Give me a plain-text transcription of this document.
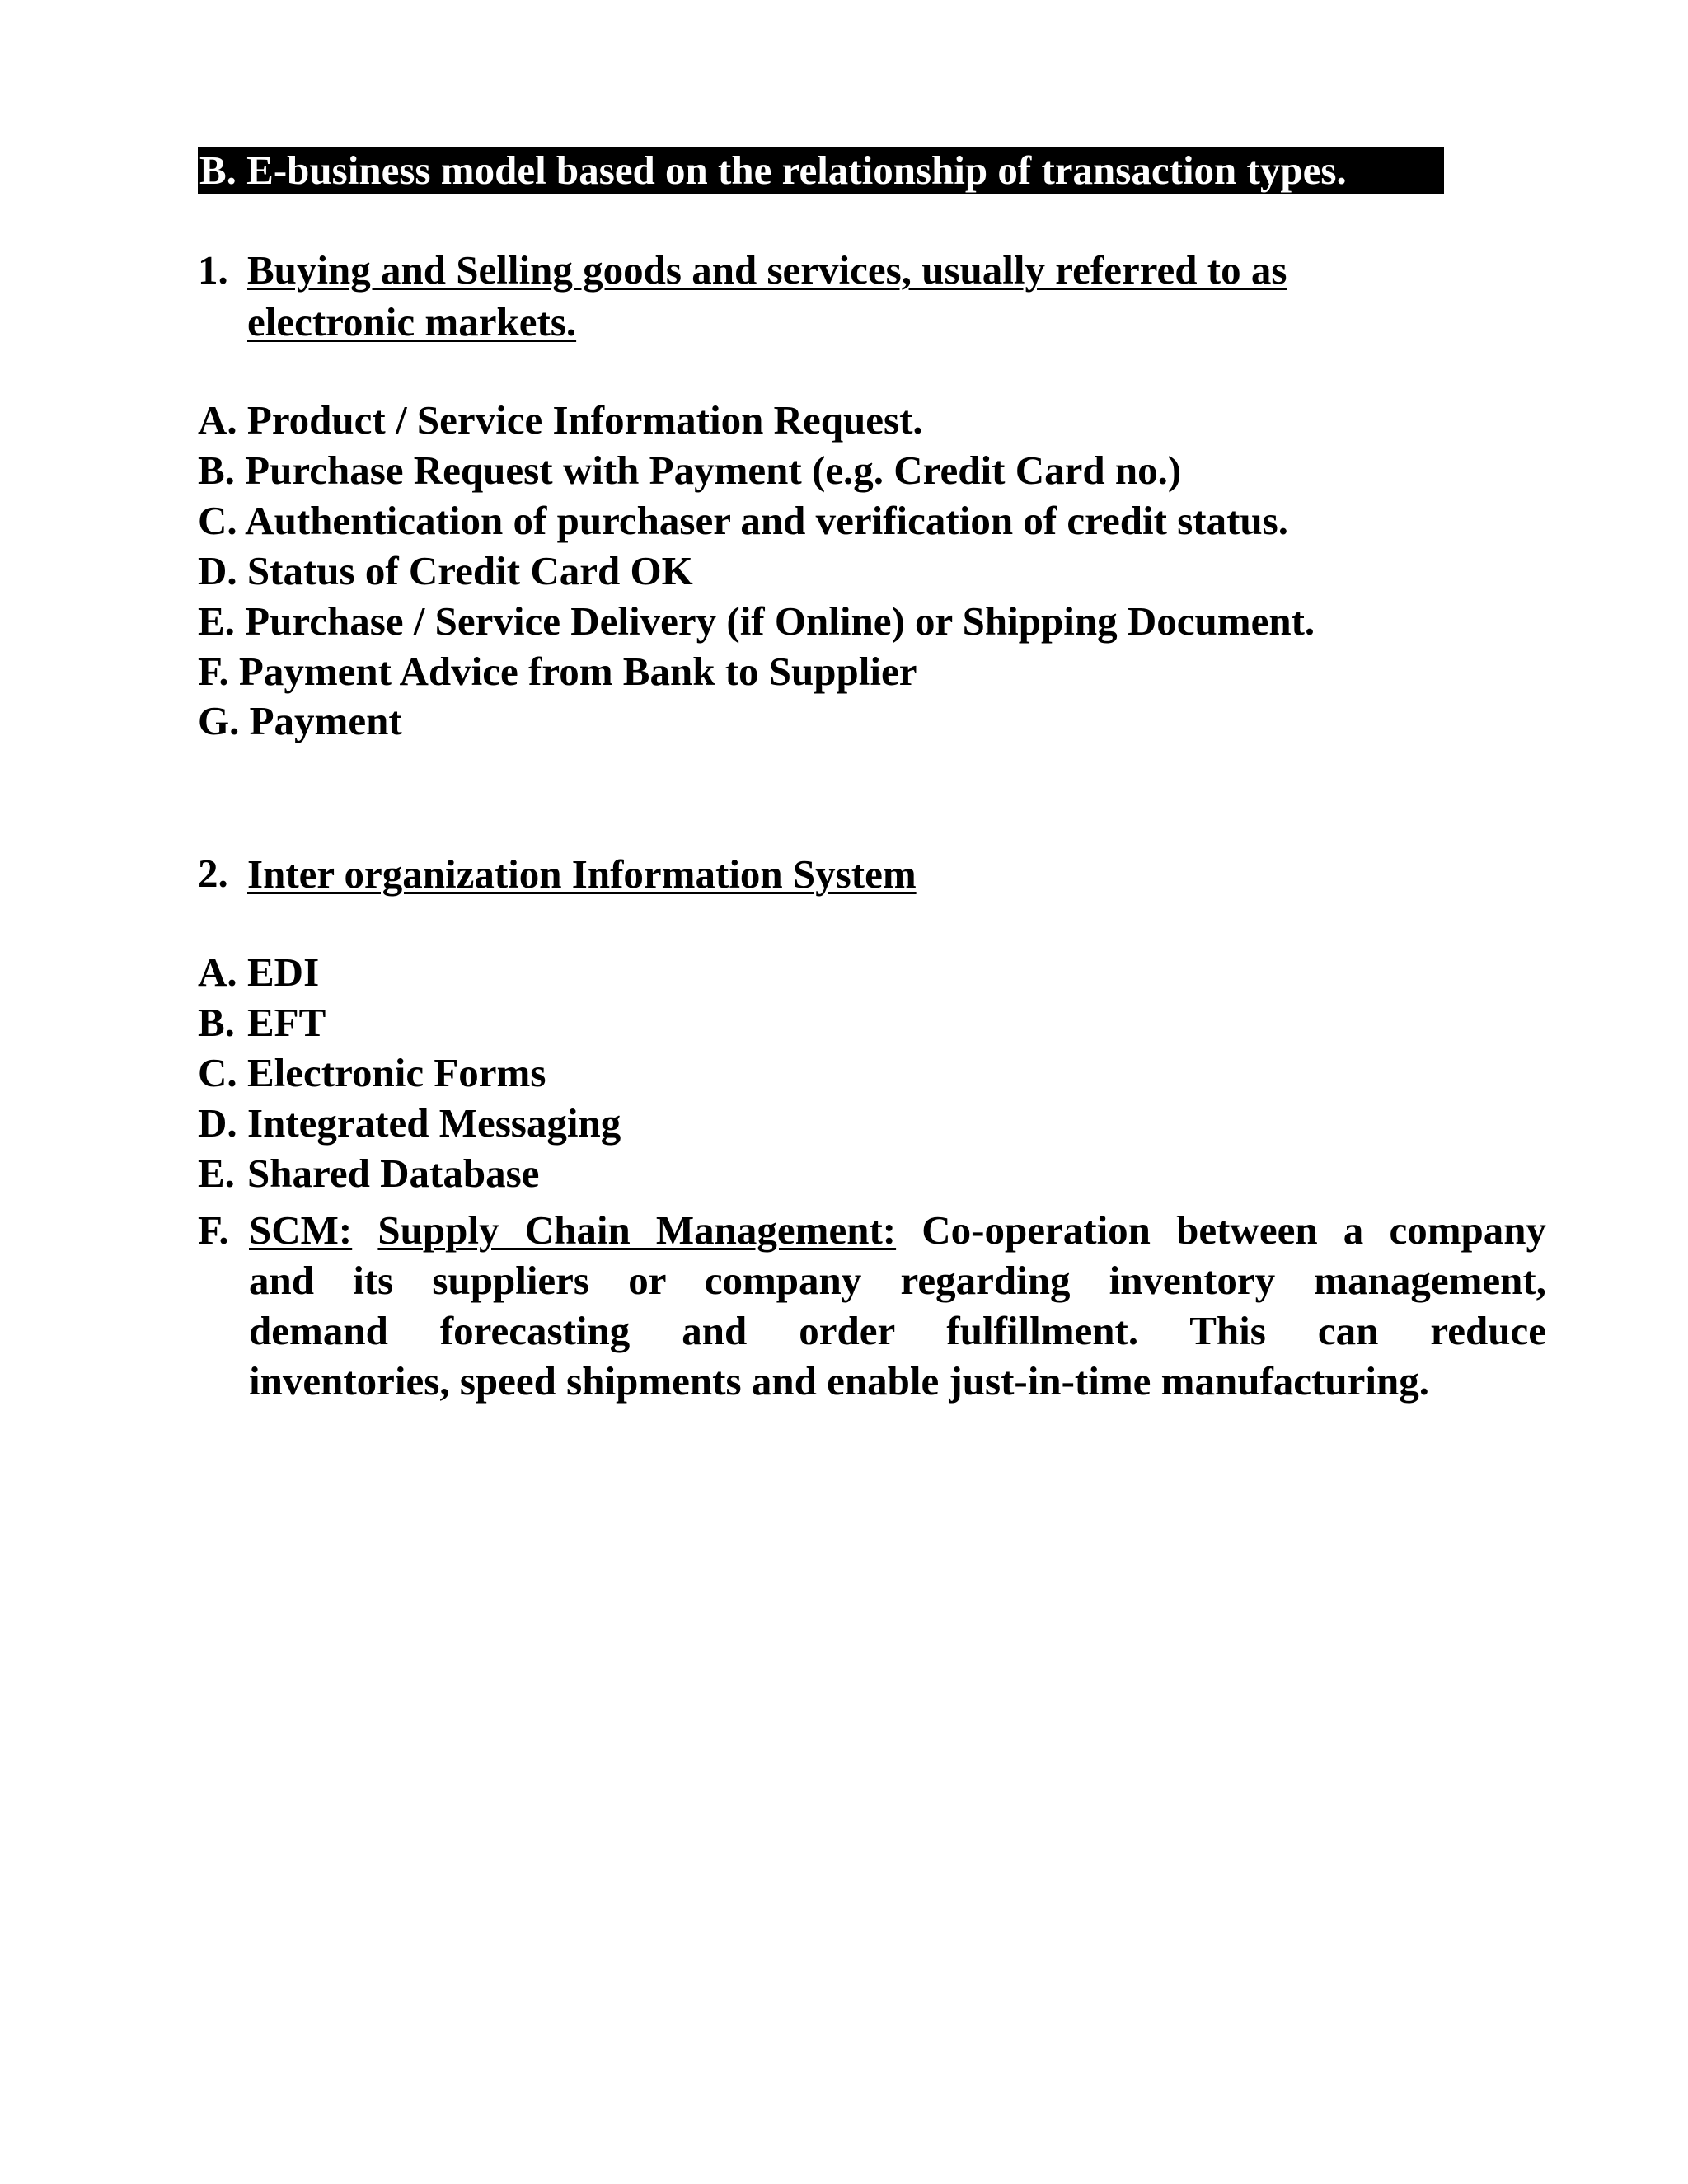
B. E-business model based on the relationship of transaction types.
1. Buying and Selling goods and services, usually referred to as
electronic markets.
A. Product / Service Information Request.
B. Purchase Request with Payment (e.g. Credit Card no.)
C. Authentication of purchaser and verification of credit status.
D. Status of Credit Card OK
E. Purchase / Service Delivery (if Online) or Shipping Document.
F. Payment Advice from Bank to Supplier
G. Payment
2. Inter organization Information System
A. EDI
B. EFT
C. Electronic Forms
D. Integrated Messaging
E. Shared Database
F. SCM: Supply Chain Management: Co-operation between a company
and its suppliers or company regarding inventory management,
demand forecasting and order fulfillment. This can reduce
inventories, speed shipments and enable just-in-time manufacturing.
